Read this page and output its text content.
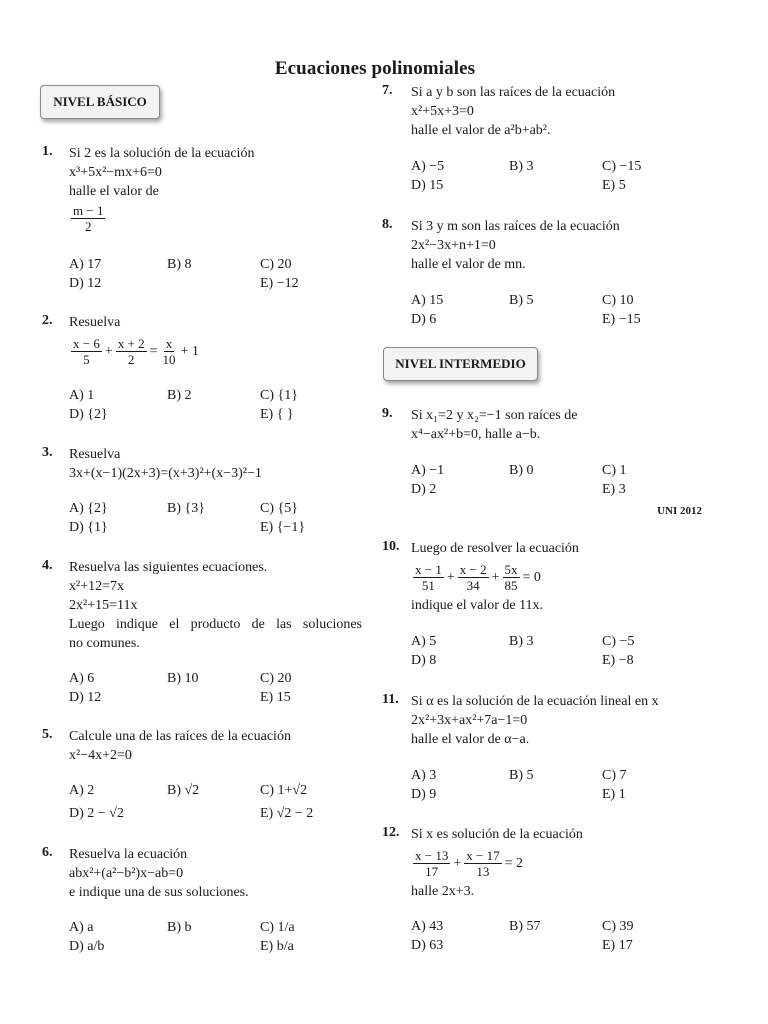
Ecuaciones polinomiales
NIVEL BÁSICO
1. Si 2 es la solución de la ecuación
x³+5x²−mx+6=0
halle el valor de
$\frac{m - 1}{2}$
A) 17	B) 8	C) 20
D) 12	E) −12
2. Resuelva
$\frac{x - 6}{5} + \frac{x + 2}{2} = \frac{x}{10} + 1$
A) 1	B) 2	C) {1}
D) {2}	E) { }
3. Resuelva
3x+(x−1)(2x+3)=(x+3)²+(x−3)²−1
A) {2}	B) {3}	C) {5}
D) {1}	E) {−1}
4. Resuelva las siguientes ecuaciones.
x²+12=7x
2x²+15=11x
Luego indique el producto de las soluciones
no comunes.
A) 6	B) 10	C) 20
D) 12	E) 15
5. Calcule una de las raíces de la ecuación
x²−4x+2=0
A) 2	B) √2	C) 1+√2
D) 2 − √2	E) √2 − 2
6. Resuelva la ecuación
abx²+(a²−b²)x−ab=0
e indique una de sus soluciones.
A) a	B) b	C) 1/a
D) a/b	E) b/a
7. Si a y b son las raíces de la ecuación
x²+5x+3=0
halle el valor de a²b+ab².
A) −5	B) 3	C) −15
D) 15	E) 5
8. Si 3 y m son las raíces de la ecuación
2x²−3x+n+1=0
halle el valor de mn.
A) 15	B) 5	C) 10
D) 6	E) −15
NIVEL INTERMEDIO
9. Si x₁=2 y x₂=−1 son raíces de
x⁴−ax²+b=0, halle a−b.
A) −1	B) 0	C) 1
D) 2	E) 3
UNI 2012
10. Luego de resolver la ecuación
$\frac{x - 1}{51} + \frac{x - 2}{34} + \frac{5x}{85} = 0$
indique el valor de 11x.
A) 5	B) 3	C) −5
D) 8	E) −8
11. Si α es la solución de la ecuación lineal en x
2x²+3x+ax²+7a−1=0
halle el valor de α−a.
A) 3	B) 5	C) 7
D) 9	E) 1
12. Si x es solución de la ecuación
$\frac{x - 13}{17} + \frac{x - 17}{13} = 2$
halle 2x+3.
A) 43	B) 57	C) 39
D) 63	E) 17
